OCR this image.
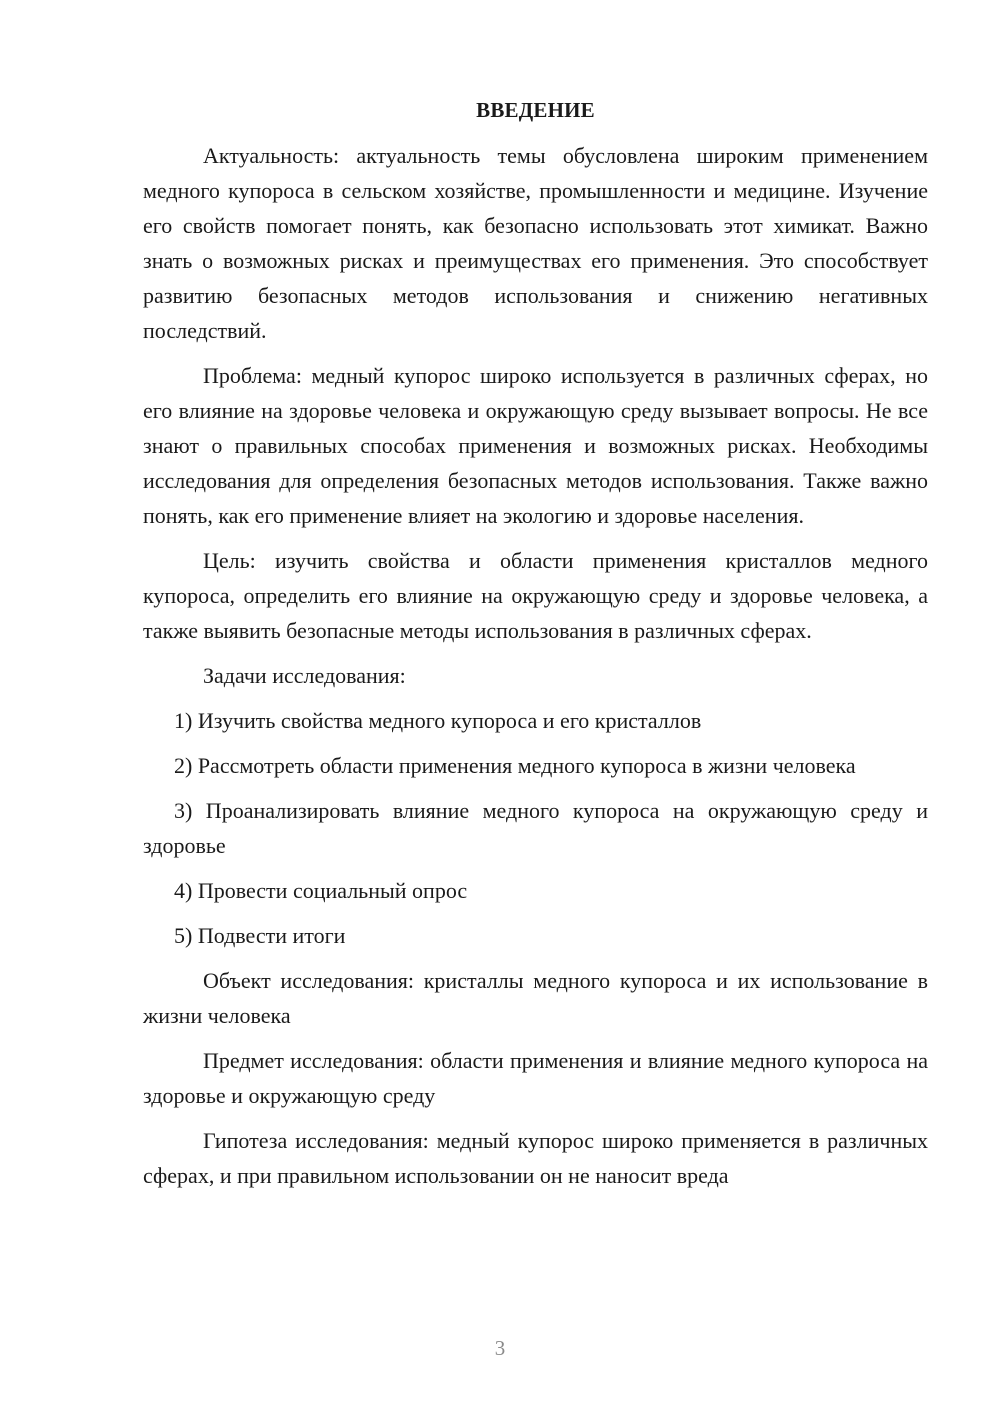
ВВЕДЕНИЕ

Актуальность: актуальность темы обусловлена широким применением медного купороса в сельском хозяйстве, промышленности и медицине. Изучение его свойств помогает понять, как безопасно использовать этот химикат. Важно знать о возможных рисках и преимуществах его применения. Это способствует развитию безопасных методов использования и снижению негативных последствий.

Проблема: медный купорос широко используется в различных сферах, но его влияние на здоровье человека и окружающую среду вызывает вопросы. Не все знают о правильных способах применения и возможных рисках. Необходимы исследования для определения безопасных методов использования. Также важно понять, как его применение влияет на экологию и здоровье населения.

Цель: изучить свойства и области применения кристаллов медного купороса, определить его влияние на окружающую среду и здоровье человека, а также выявить безопасные методы использования в различных сферах.

Задачи исследования:

1) Изучить свойства медного купороса и его кристаллов

2) Рассмотреть области применения медного купороса в жизни человека

3) Проанализировать влияние медного купороса на окружающую среду и здоровье

4) Провести социальный опрос

5) Подвести итоги

Объект исследования: кристаллы медного купороса и их использование в жизни человека

Предмет исследования: области применения и влияние медного купороса на здоровье и окружающую среду

Гипотеза исследования: медный купорос широко применяется в различных сферах, и при правильном использовании он не наносит вреда

3
